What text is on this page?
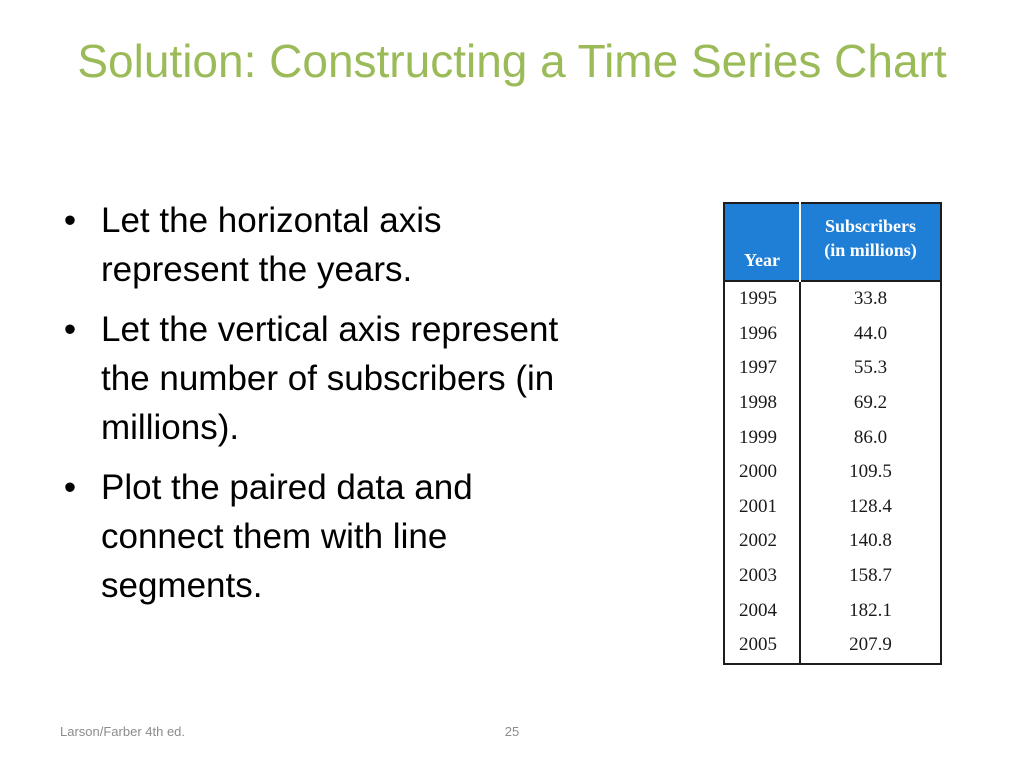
Solution: Constructing a Time Series Chart
• Let the horizontal axis represent the years.
• Let the vertical axis represent the number of subscribers (in millions).
• Plot the paired data and connect them with line segments.
Year	Subscribers
(in millions)

1995	33.8
1996	44.0
1997	55.3
1998	69.2
1999	86.0
2000	109.5
2001	128.4
2002	140.8
2003	158.7
2004	182.1
2005	207.9
Larson/Farber 4th ed.	25
